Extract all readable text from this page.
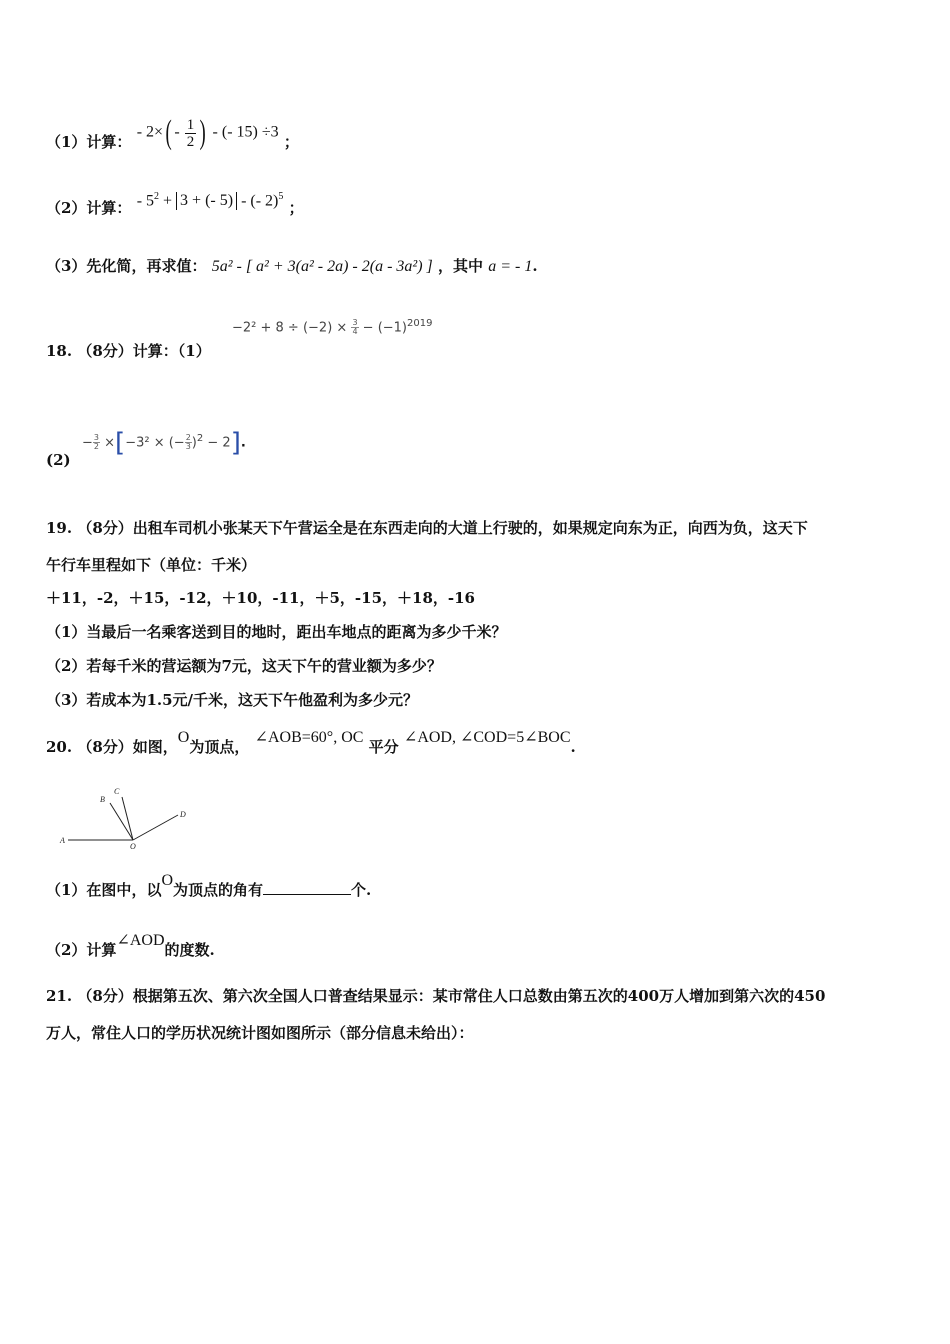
（1）计算： - $2\times( - \frac{1}{2}$ ) - (- 15) ÷3 ；
（2）计算： - $5^2 + 3$ + (- 5) - (- 2)$^5$ ；
（3）先化简，再求值： 5a² - [ a² + 3(a² - 2a) - 2(a - 3a²) ] ，其中 a = - 1.
$-2^2 + 8 \div (-2) \times \frac{3}{4} - (-1)^{2019}$
18. （8分）计算：（1）
(2)
− $\frac{3}{2} \times[-3^2$ × (− $\frac{2}{3} )^2 - 2$].
19. （8分）出租车司机小张某天下午营运全是在东西走向的大道上行驶的，如果规定向东为正，向西为负，这天下
午行车里程如下（单位：千米）
＋11，-2，＋15，-12，＋10，-11，＋5，-15，＋18，-16
（1）当最后一名乘客送到目的地时，距出车地点的距离为多少千米？
（2）若每千米的营运额为7元，这天下午的营业额为多少？
（3）若成本为1.5元/千米，这天下午他盈利为多少元？
20. （8分）如图，O为顶点， ∠AOB=60°, OC 平分 ∠AOD, ∠COD=5∠BOC.
A
B
C
D
O
（1）在图中，以O为顶点的角有	个.
（2）计算∠AOD的度数.
21. （8分）根据第五次、第六次全国人口普查结果显示：某市常住人口总数由第五次的400万人增加到第六次的450
万人，常住人口的学历状况统计图如图所示（部分信息未给出）：
